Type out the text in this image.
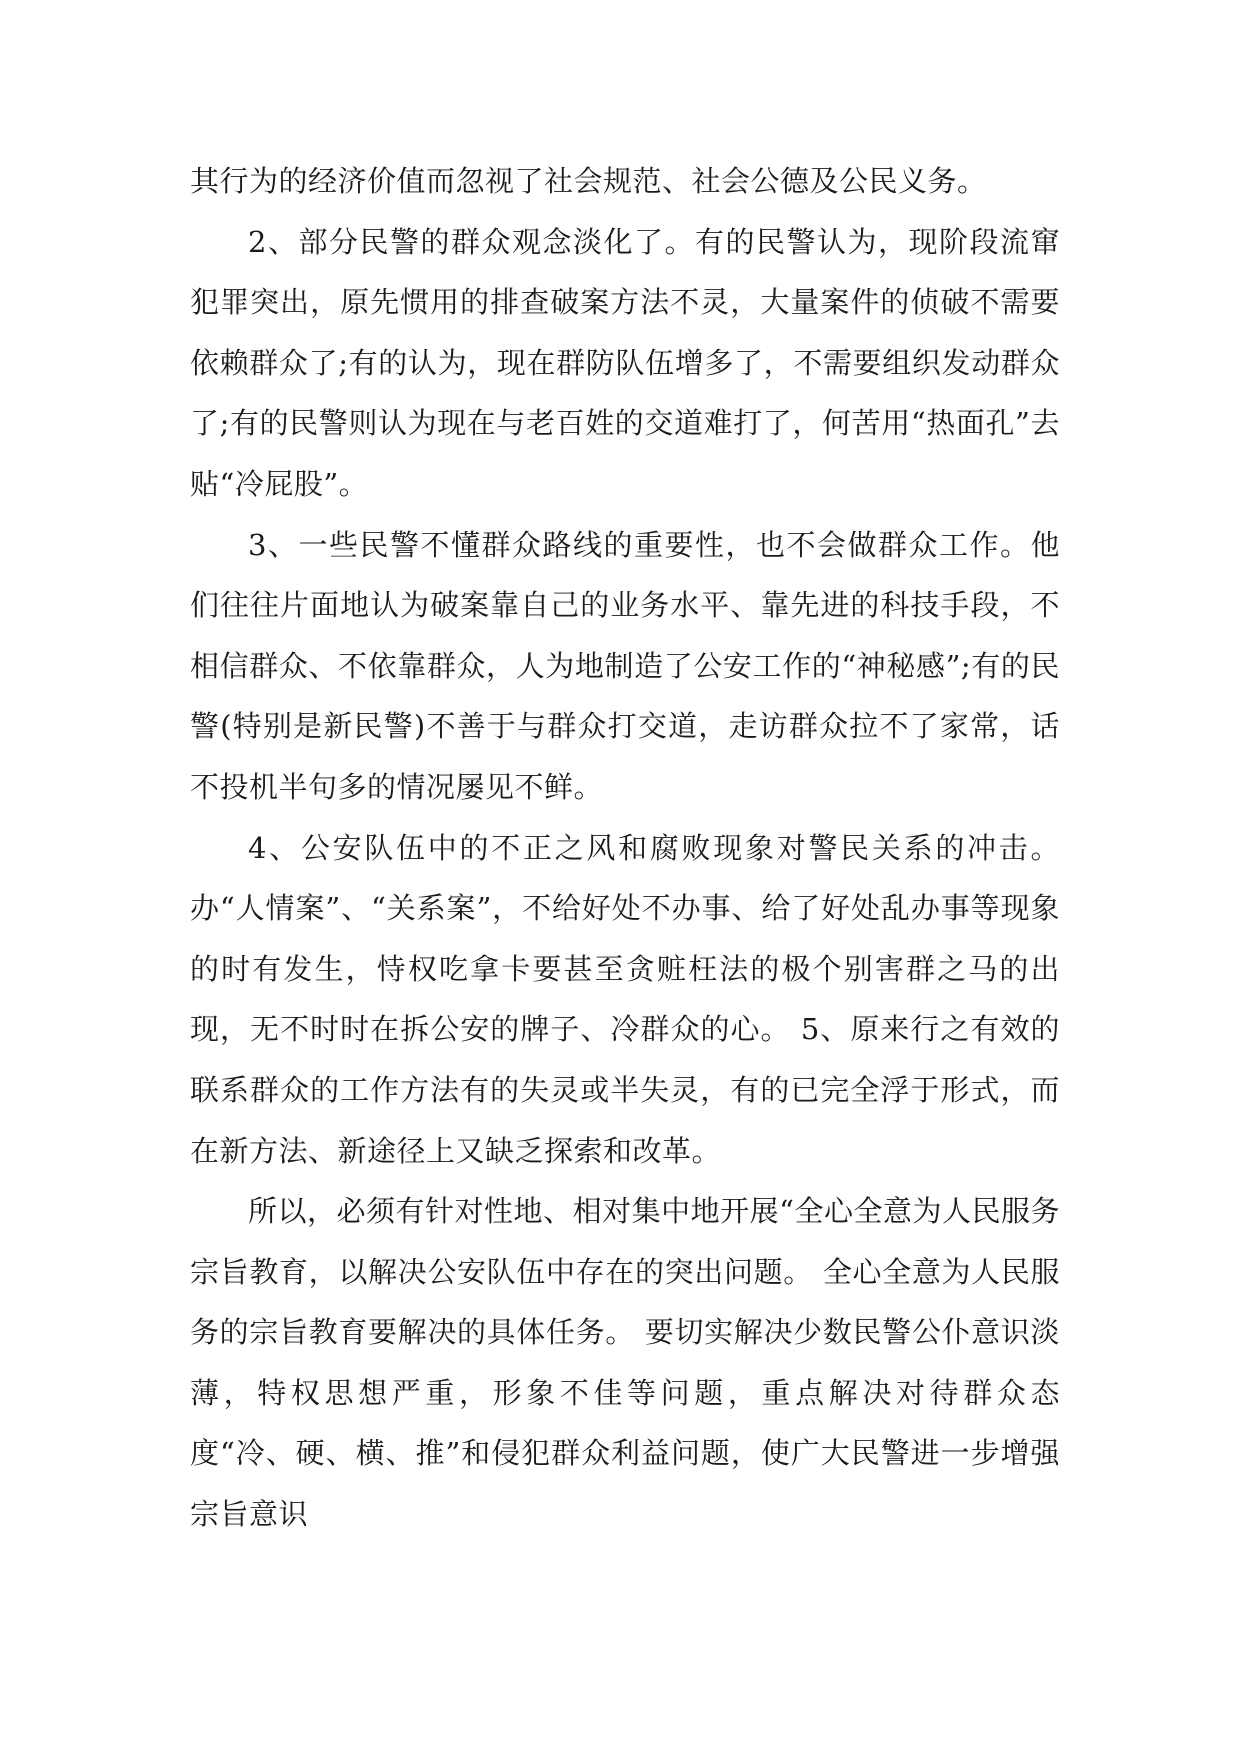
其行为的经济价值而忽视了社会规范、社会公德及公民义务。

2、部分民警的群众观念淡化了。有的民警认为，现阶段流窜犯罪突出，原先惯用的排查破案方法不灵，大量案件的侦破不需要依赖群众了;有的认为，现在群防队伍增多了，不需要组织发动群众了;有的民警则认为现在与老百姓的交道难打了，何苦用“热面孔”去贴“冷屁股”。

3、一些民警不懂群众路线的重要性，也不会做群众工作。他们往往片面地认为破案靠自己的业务水平、靠先进的科技手段，不相信群众、不依靠群众，人为地制造了公安工作的“神秘感”;有的民警(特别是新民警)不善于与群众打交道，走访群众拉不了家常，话不投机半句多的情况屡见不鲜。

4、公安队伍中的不正之风和腐败现象对警民关系的冲击。办“人情案”、“关系案”，不给好处不办事、给了好处乱办事等现象的时有发生，恃权吃拿卡要甚至贪赃枉法的极个别害群之马的出现，无不时时在拆公安的牌子、冷群众的心。 5、原来行之有效的联系群众的工作方法有的失灵或半失灵，有的已完全浮于形式，而在新方法、新途径上又缺乏探索和改革。

所以，必须有针对性地、相对集中地开展“全心全意为人民服务宗旨教育，以解决公安队伍中存在的突出问题。 全心全意为人民服务的宗旨教育要解决的具体任务。 要切实解决少数民警公仆意识淡薄，特权思想严重，形象不佳等问题，重点解决对待群众态度“冷、硬、横、推”和侵犯群众利益问题，使广大民警进一步增强宗旨意识
